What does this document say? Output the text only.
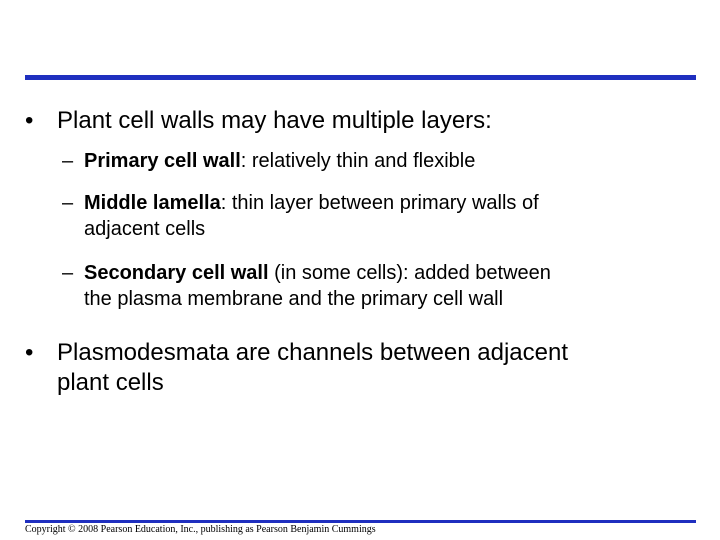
• Plant cell walls may have multiple layers:
– Primary cell wall: relatively thin and flexible
– Middle lamella: thin layer between primary walls of
adjacent cells
– Secondary cell wall (in some cells): added between
the plasma membrane and the primary cell wall
• Plasmodesmata are channels between adjacent
plant cells
Copyright © 2008 Pearson Education, Inc., publishing as Pearson Benjamin Cummings
